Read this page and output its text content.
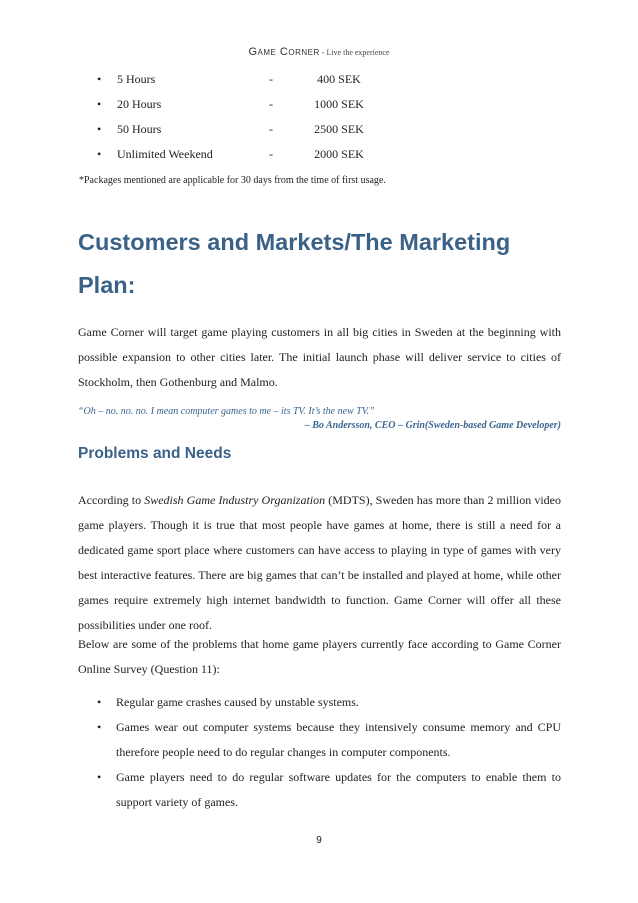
Game Corner - Live the experience
• 5 Hours	-	400 SEK
• 20 Hours	-	1000 SEK
• 50 Hours	-	2500 SEK
• Unlimited Weekend	-	2000 SEK
*Packages mentioned are applicable for 30 days from the time of first usage.
Customers and Markets/The Marketing Plan:

Game Corner will target game playing customers in all big cities in Sweden at the beginning with possible expansion to other cities later. The initial launch phase will deliver service to cities of Stockholm, then Gothenburg and Malmo.

“Oh – no. no. no. I mean computer games to me – its TV. It’s the new TV.”
– Bo Andersson, CEO – Grin(Sweden-based Game Developer)
Problems and Needs

According to Swedish Game Industry Organization (MDTS), Sweden has more than 2 million video game players. Though it is true that most people have games at home, there is still a need for a dedicated game sport place where customers can have access to playing in type of games with very best interactive features. There are big games that can’t be installed and played at home, while other games require extremely high internet bandwidth to function. Game Corner will offer all these possibilities under one roof.

Below are some of the problems that home game players currently face according to Game Corner Online Survey (Question 11):

• Regular game crashes caused by unstable systems.
• Games wear out computer systems because they intensively consume memory and CPU therefore people need to do regular changes in computer components.
• Game players need to do regular software updates for the computers to enable them to support variety of games.
9
